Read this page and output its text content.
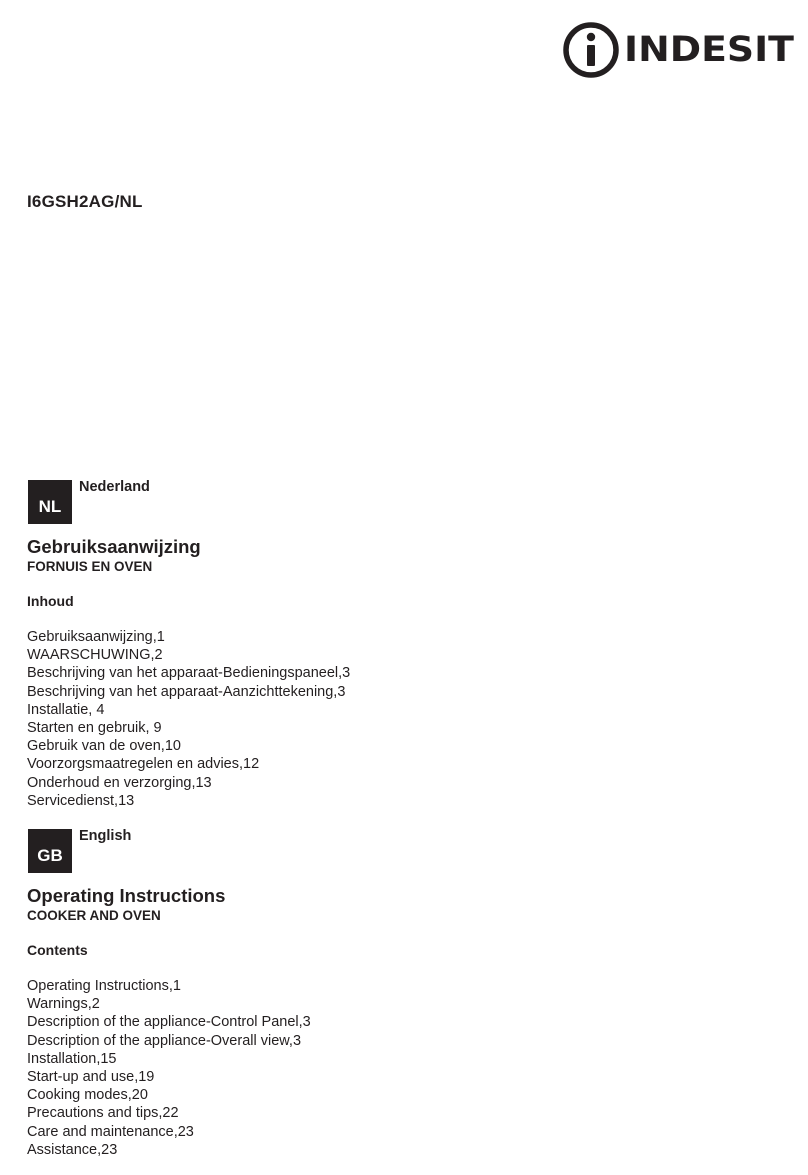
INDESIT
I6GSH2AG/NL
NL
Nederland
Gebruiksaanwijzing
FORNUIS EN OVEN
Inhoud
Gebruiksaanwijzing,1
WAARSCHUWING,2
Beschrijving van het apparaat-Bedieningspaneel,3
Beschrijving van het apparaat-Aanzichttekening,3
Installatie, 4
Starten en gebruik, 9
Gebruik van de oven,10
Voorzorgsmaatregelen en advies,12
Onderhoud en verzorging,13
Servicedienst,13
GB
English
Operating Instructions
COOKER AND OVEN
Contents
Operating Instructions,1
Warnings,2
Description of the appliance-Control Panel,3
Description of the appliance-Overall view,3
Installation,15
Start-up and use,19
Cooking modes,20
Precautions and tips,22
Care and maintenance,23
Assistance,23
